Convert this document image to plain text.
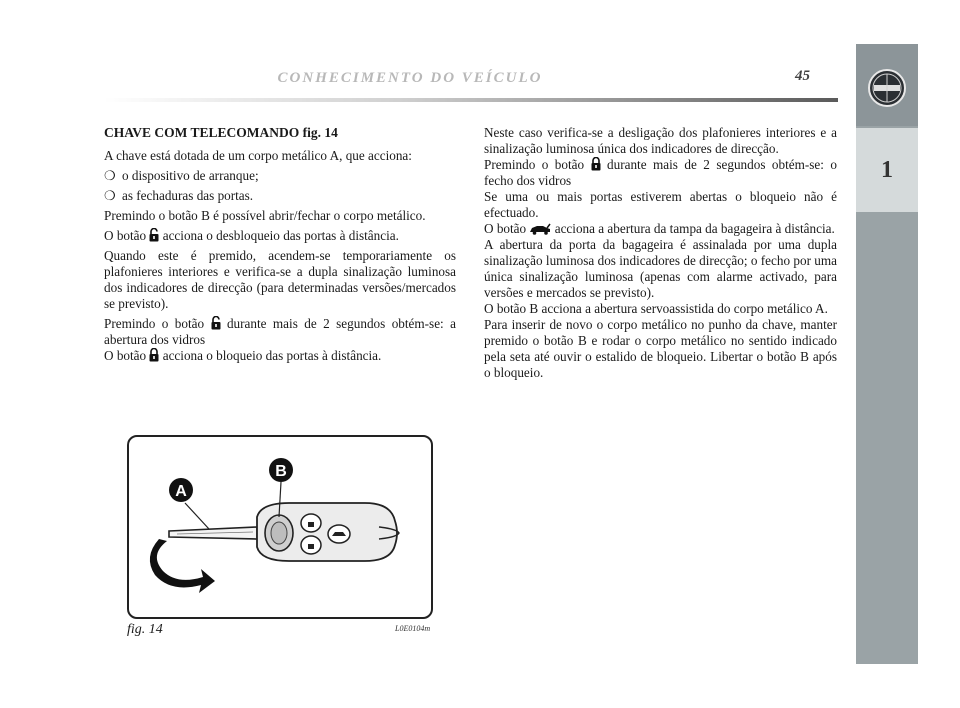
CONHECIMENTO DO VEÍCULO	45
1

CHAVE COM TELECOMANDO fig. 14

A chave está dotada de um corpo metálico A, que acciona:

❍ o dispositivo de arranque;

❍ as fechaduras das portas.

Premindo o botão B é possível abrir/fechar o corpo metálico.

O botão  acciona o desbloqueio das portas à distância.

Quando este é premido, acendem-se temporariamente os plafonieres interiores e verifica-se a dupla sinalização luminosa dos indicadores de direcção (para determinadas versões/mercados se previsto).

Premindo o botão  durante mais de 2 segundos obtém-se: a abertura dos vidros

O botão  acciona o bloqueio das portas à distância.

Neste caso verifica-se a desligação dos plafonieres interiores e a sinalização luminosa única dos indicadores de direcção.

Premindo o botão  durante mais de 2 segundos obtém-se: o fecho dos vidros

Se uma ou mais portas estiverem abertas o bloqueio não é efectuado.

O botão  acciona a abertura da tampa da bagageira à distância.

A abertura da porta da bagageira é assinalada por uma dupla sinalização luminosa dos indicadores de direcção; o fecho por uma única sinalização luminosa (apenas com alarme activado, para versões e mercados se previsto).

O botão B acciona a abertura servoassistida do corpo metálico A.

Para inserir de novo o corpo metálico no punho da chave, manter premido o botão B e rodar o corpo metálico no sentido indicado pela seta até ouvir o estalido de bloqueio. Libertar o botão B após o bloqueio.

A
B
fig. 14	L0E0104m
